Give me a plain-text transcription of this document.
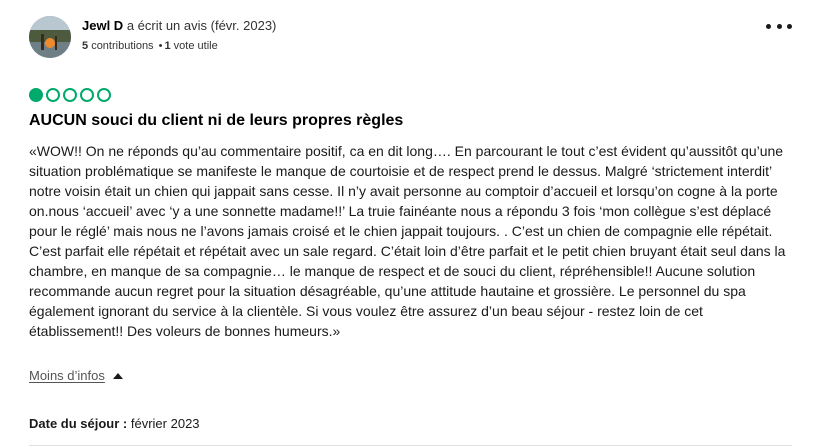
Jewl D a écrit un avis (févr. 2023)
5 contributions • 1 vote utile
AUCUN souci du client ni de leurs propres règles

«WOW!! On ne réponds qu’au commentaire positif, ca en dit long…. En parcourant le tout c’est évident qu’aussitôt qu’une situation problématique se manifeste le manque de courtoisie et de respect prend le dessus. Malgré ‘strictement interdit’ notre voisin était un chien qui jappait sans cesse. Il n’y avait personne au comptoir d’accueil et lorsqu’on cogne à la porte on.nous ‘accueil’ avec ‘y a une sonnette madame!!’ La truie fainéante nous a répondu 3 fois ‘mon collègue s’est déplacé pour le réglé’ mais nous ne l’avons jamais croisé et le chien jappait toujours. . C’est un chien de compagnie elle répétait. C’est parfait elle répétait et répétait avec un sale regard. C’était loin d’être parfait et le petit chien bruyant était seul dans la chambre, en manque de sa compagnie… le manque de respect et de souci du client, répréhensible!! Aucune solution recommande aucun regret pour la situation désagréable, qu’une attitude hautaine et grossière. Le personnel du spa également ignorant du service à la clientèle. Si vous voulez être assurez d’un beau séjour - restez loin de cet établissement!! Des voleurs de bonnes humeurs.»

Moins d’infos
Date du séjour : février 2023
